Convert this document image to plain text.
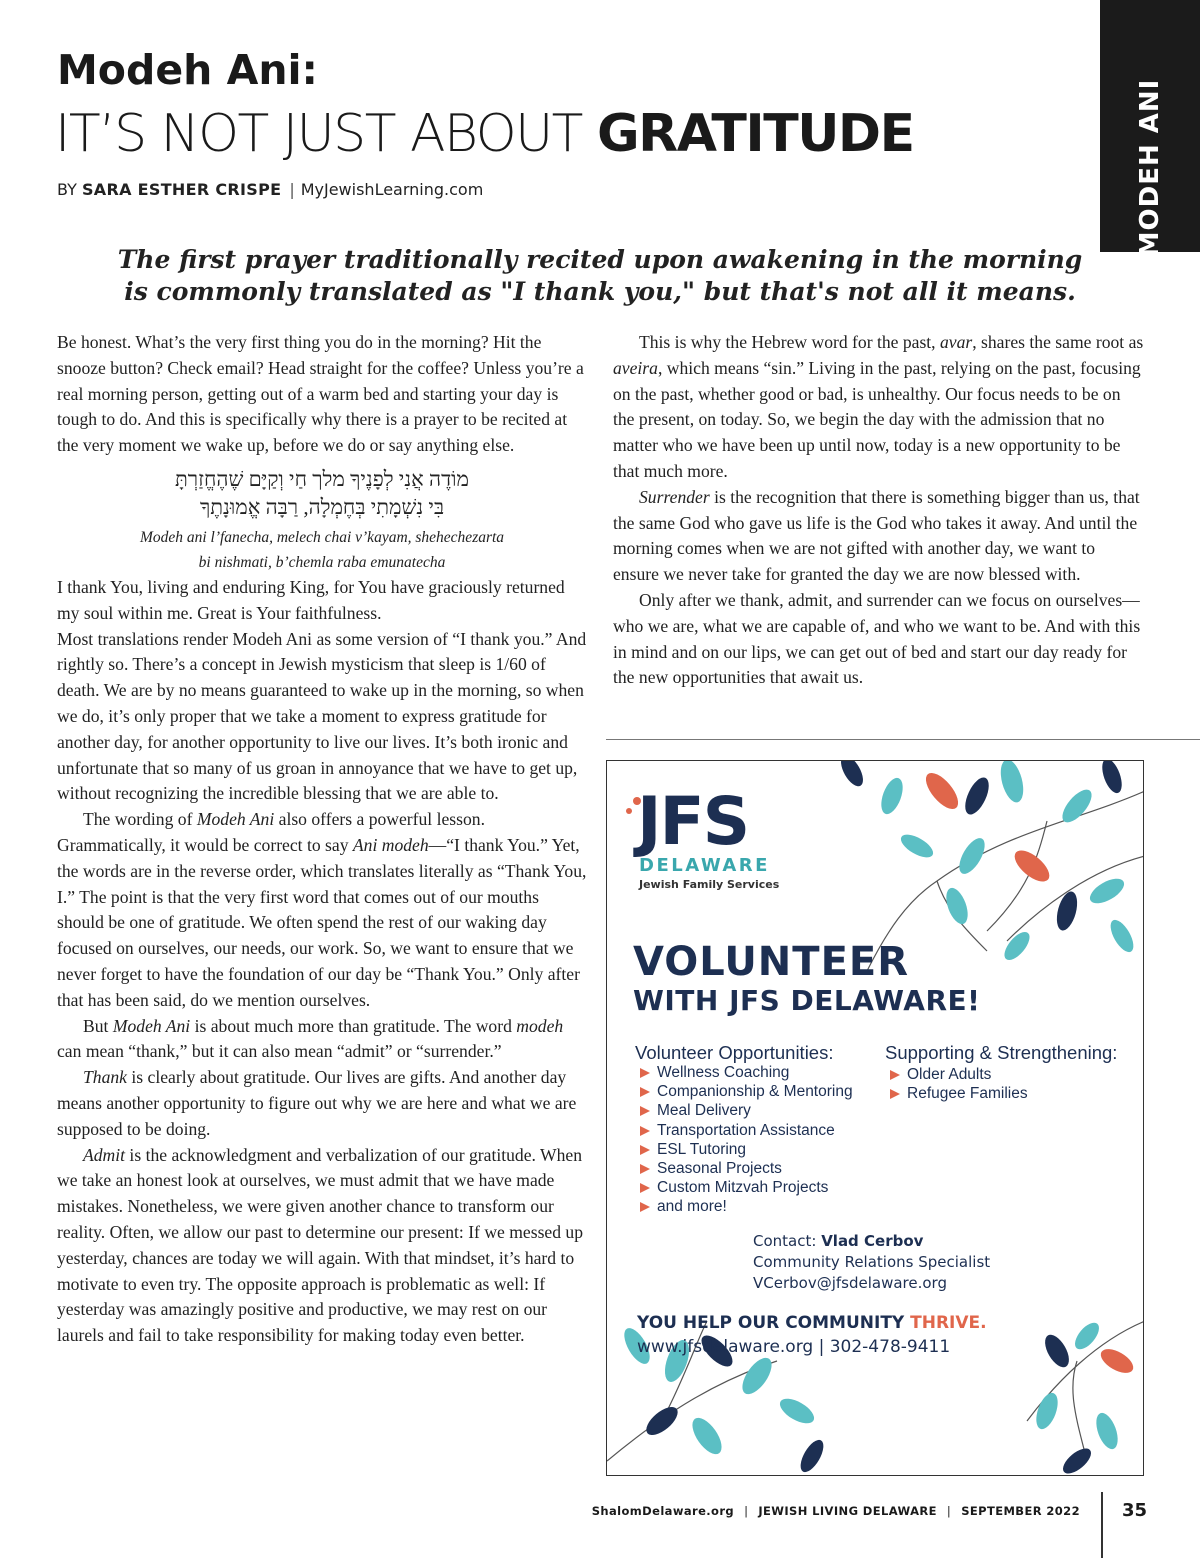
MODEH ANI
Modeh Ani:
IT’S NOT JUST ABOUT GRATITUDE
BY SARA ESTHER CRISPE | MyJewishLearning.com
The first prayer traditionally recited upon awakening in the morning
is commonly translated as "I thank you," but that's not all it means.

Be honest. What’s the very first thing you do in the morning? Hit the snooze button? Check email? Head straight for the coffee? Unless you’re a real morning person, getting out of a warm bed and starting your day is tough to do. And this is specifically why there is a prayer to be recited at the very moment we wake up, before we do or say anything else.

מוֹדֶה אֲנִי לְפָנֶיךָ מלך חַי וְקַיָּם שֶׁהֶחֱזַרְתָּ
בִּי נִשְׁמָתִי בְּחֶמְלָה, רַבָּה אֱמוּנָתֶךָ

Modeh ani l’fanecha, melech chai v’kayam, shehechezarta
bi nishmati, b’chemla raba emunatecha

I thank You, living and enduring King, for You have graciously returned my soul within me. Great is Your faithfulness.

Most translations render Modeh Ani as some version of “I thank you.” And rightly so. There’s a concept in Jewish mysticism that sleep is 1/60 of death. We are by no means guaranteed to wake up in the morning, so when we do, it’s only proper that we take a moment to express gratitude for another day, for another opportunity to live our lives. It’s both ironic and unfortunate that so many of us groan in annoyance that we have to get up, without recognizing the incredible blessing that we are able to.

The wording of Modeh Ani also offers a powerful lesson. Grammatically, it would be correct to say Ani modeh—“I thank You.” Yet, the words are in the reverse order, which translates literally as “Thank You, I.” The point is that the very first word that comes out of our mouths should be one of gratitude. We often spend the rest of our waking day focused on ourselves, our needs, our work. So, we want to ensure that we never forget to have the foundation of our day be “Thank You.” Only after that has been said, do we mention ourselves.

But Modeh Ani is about much more than gratitude. The word modeh can mean “thank,” but it can also mean “admit” or “surrender.”

Thank is clearly about gratitude. Our lives are gifts. And another day means another opportunity to figure out why we are here and what we are supposed to be doing.

Admit is the acknowledgment and verbalization of our gratitude. When we take an honest look at ourselves, we must admit that we have made mistakes. Nonetheless, we were given another chance to transform our reality. Often, we allow our past to determine our present: If we messed up yesterday, chances are today we will again. With that mindset, it’s hard to motivate to even try. The opposite approach is problematic as well: If yesterday was amazingly positive and productive, we may rest on our laurels and fail to take responsibility for making today even better.

This is why the Hebrew word for the past, avar, shares the same root as aveira, which means “sin.” Living in the past, relying on the past, focusing on the past, whether good or bad, is unhealthy. Our focus needs to be on the present, on today. So, we begin the day with the admission that no matter who we have been up until now, today is a new opportunity to be that much more.

Surrender is the recognition that there is something bigger than us, that the same God who gave us life is the God who takes it away. And until the morning comes when we are not gifted with another day, we want to ensure we never take for granted the day we are now blessed with.

Only after we thank, admit, and surrender can we focus on ourselves—who we are, what we are capable of, and who we want to be. And with this in mind and on our lips, we can get out of bed and start our day ready for the new opportunities that await us.

JFS
DELAWARE
Jewish Family Services
VOLUNTEER
WITH JFS DELAWARE!
Volunteer Opportunities:
Wellness Coaching
Companionship & Mentoring
Meal Delivery
Transportation Assistance
ESL Tutoring
Seasonal Projects
Custom Mitzvah Projects
and more!
Supporting & Strengthening:
Older Adults
Refugee Families
Contact: Vlad Cerbov
Community Relations Specialist
VCerbov@jfsdelaware.org
YOU HELP OUR COMMUNITY THRIVE.
www.jfsdelaware.org | 302-478-9411
ShalomDelaware.org | JEWISH LIVING DELAWARE | SEPTEMBER 2022 35
